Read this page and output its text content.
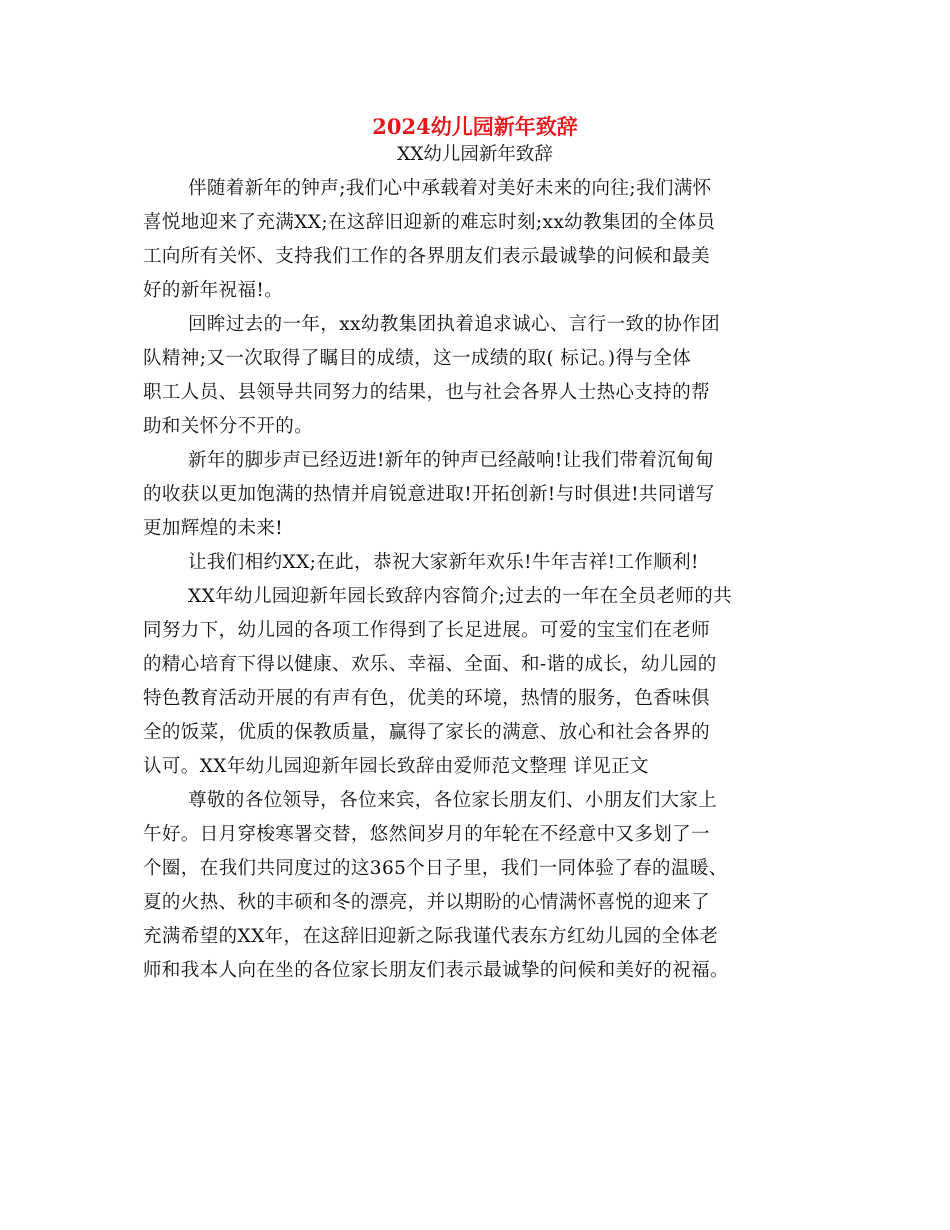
2024幼儿园新年致辞
XX幼儿园新年致辞
伴随着新年的钟声;我们心中承载着对美好未来的向往;我们满怀
喜悦地迎来了充满XX;在这辞旧迎新的难忘时刻;xx幼教集团的全体员
工向所有关怀、支持我们工作的各界朋友们表示最诚挚的问候和最美
好的新年祝福!。
回眸过去的一年，xx幼教集团执着追求诚心、言行一致的协作团
队精神;又一次取得了瞩目的成绩，这一成绩的取( 标记。)得与全体
职工人员、县领导共同努力的结果，也与社会各界人士热心支持的帮
助和关怀分不开的。
新年的脚步声已经迈进!新年的钟声已经敲响!让我们带着沉甸甸
的收获以更加饱满的热情并肩锐意进取!开拓创新!与时俱进!共同谱写
更加辉煌的未来!
让我们相约XX;在此，恭祝大家新年欢乐!牛年吉祥!工作顺利!
XX年幼儿园迎新年园长致辞内容简介;过去的一年在全员老师的共
同努力下，幼儿园的各项工作得到了长足进展。可爱的宝宝们在老师
的精心培育下得以健康、欢乐、幸福、全面、和-谐的成长，幼儿园的
特色教育活动开展的有声有色，优美的环境，热情的服务，色香味俱
全的饭菜，优质的保教质量，赢得了家长的满意、放心和社会各界的
认可。XX年幼儿园迎新年园长致辞由爱师范文整理 详见正文
尊敬的各位领导，各位来宾，各位家长朋友们、小朋友们大家上
午好。日月穿梭寒署交替，悠然间岁月的年轮在不经意中又多划了一
个圈，在我们共同度过的这365个日子里，我们一同体验了春的温暖、
夏的火热、秋的丰硕和冬的漂亮，并以期盼的心情满怀喜悦的迎来了
充满希望的XX年，在这辞旧迎新之际我谨代表东方红幼儿园的全体老
师和我本人向在坐的各位家长朋友们表示最诚挚的问候和美好的祝福。
